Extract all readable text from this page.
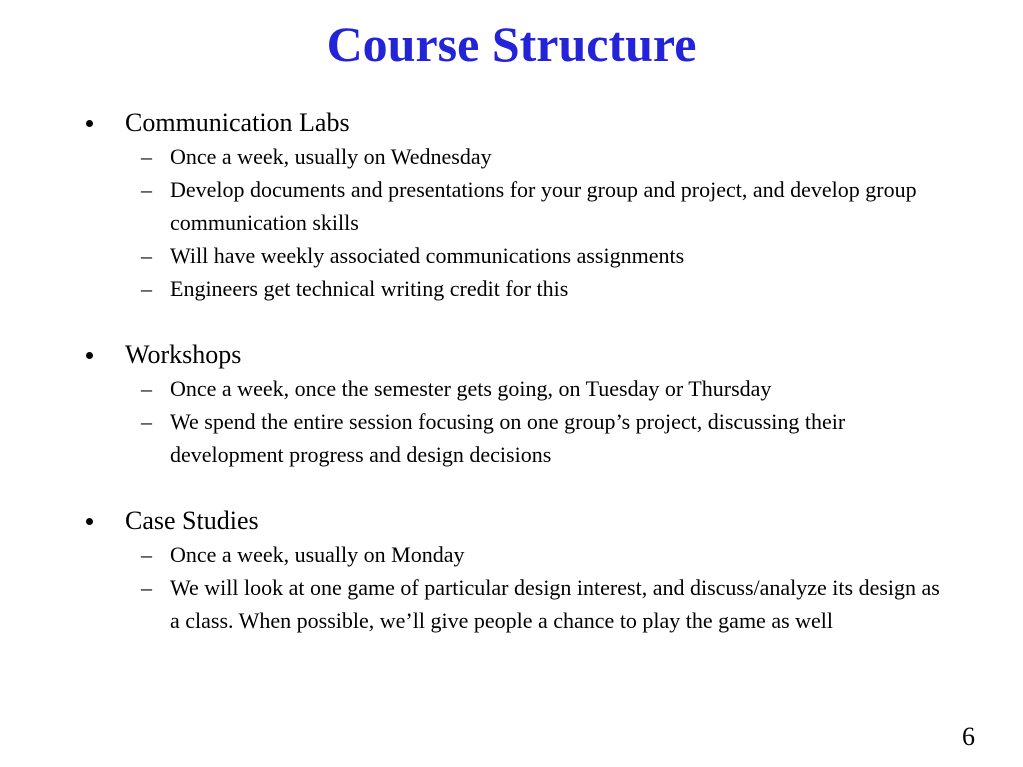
Course Structure
Communication Labs
– Once a week, usually on Wednesday
– Develop documents and presentations for your group and project, and develop group communication skills
– Will have weekly associated communications assignments
– Engineers get technical writing credit for this
Workshops
– Once a week, once the semester gets going, on Tuesday or Thursday
– We spend the entire session focusing on one group’s project, discussing their development progress and design decisions
Case Studies
– Once a week, usually on Monday
– We will look at one game of particular design interest, and discuss/analyze its design as a class. When possible, we’ll give people a chance to play the game as well
6
